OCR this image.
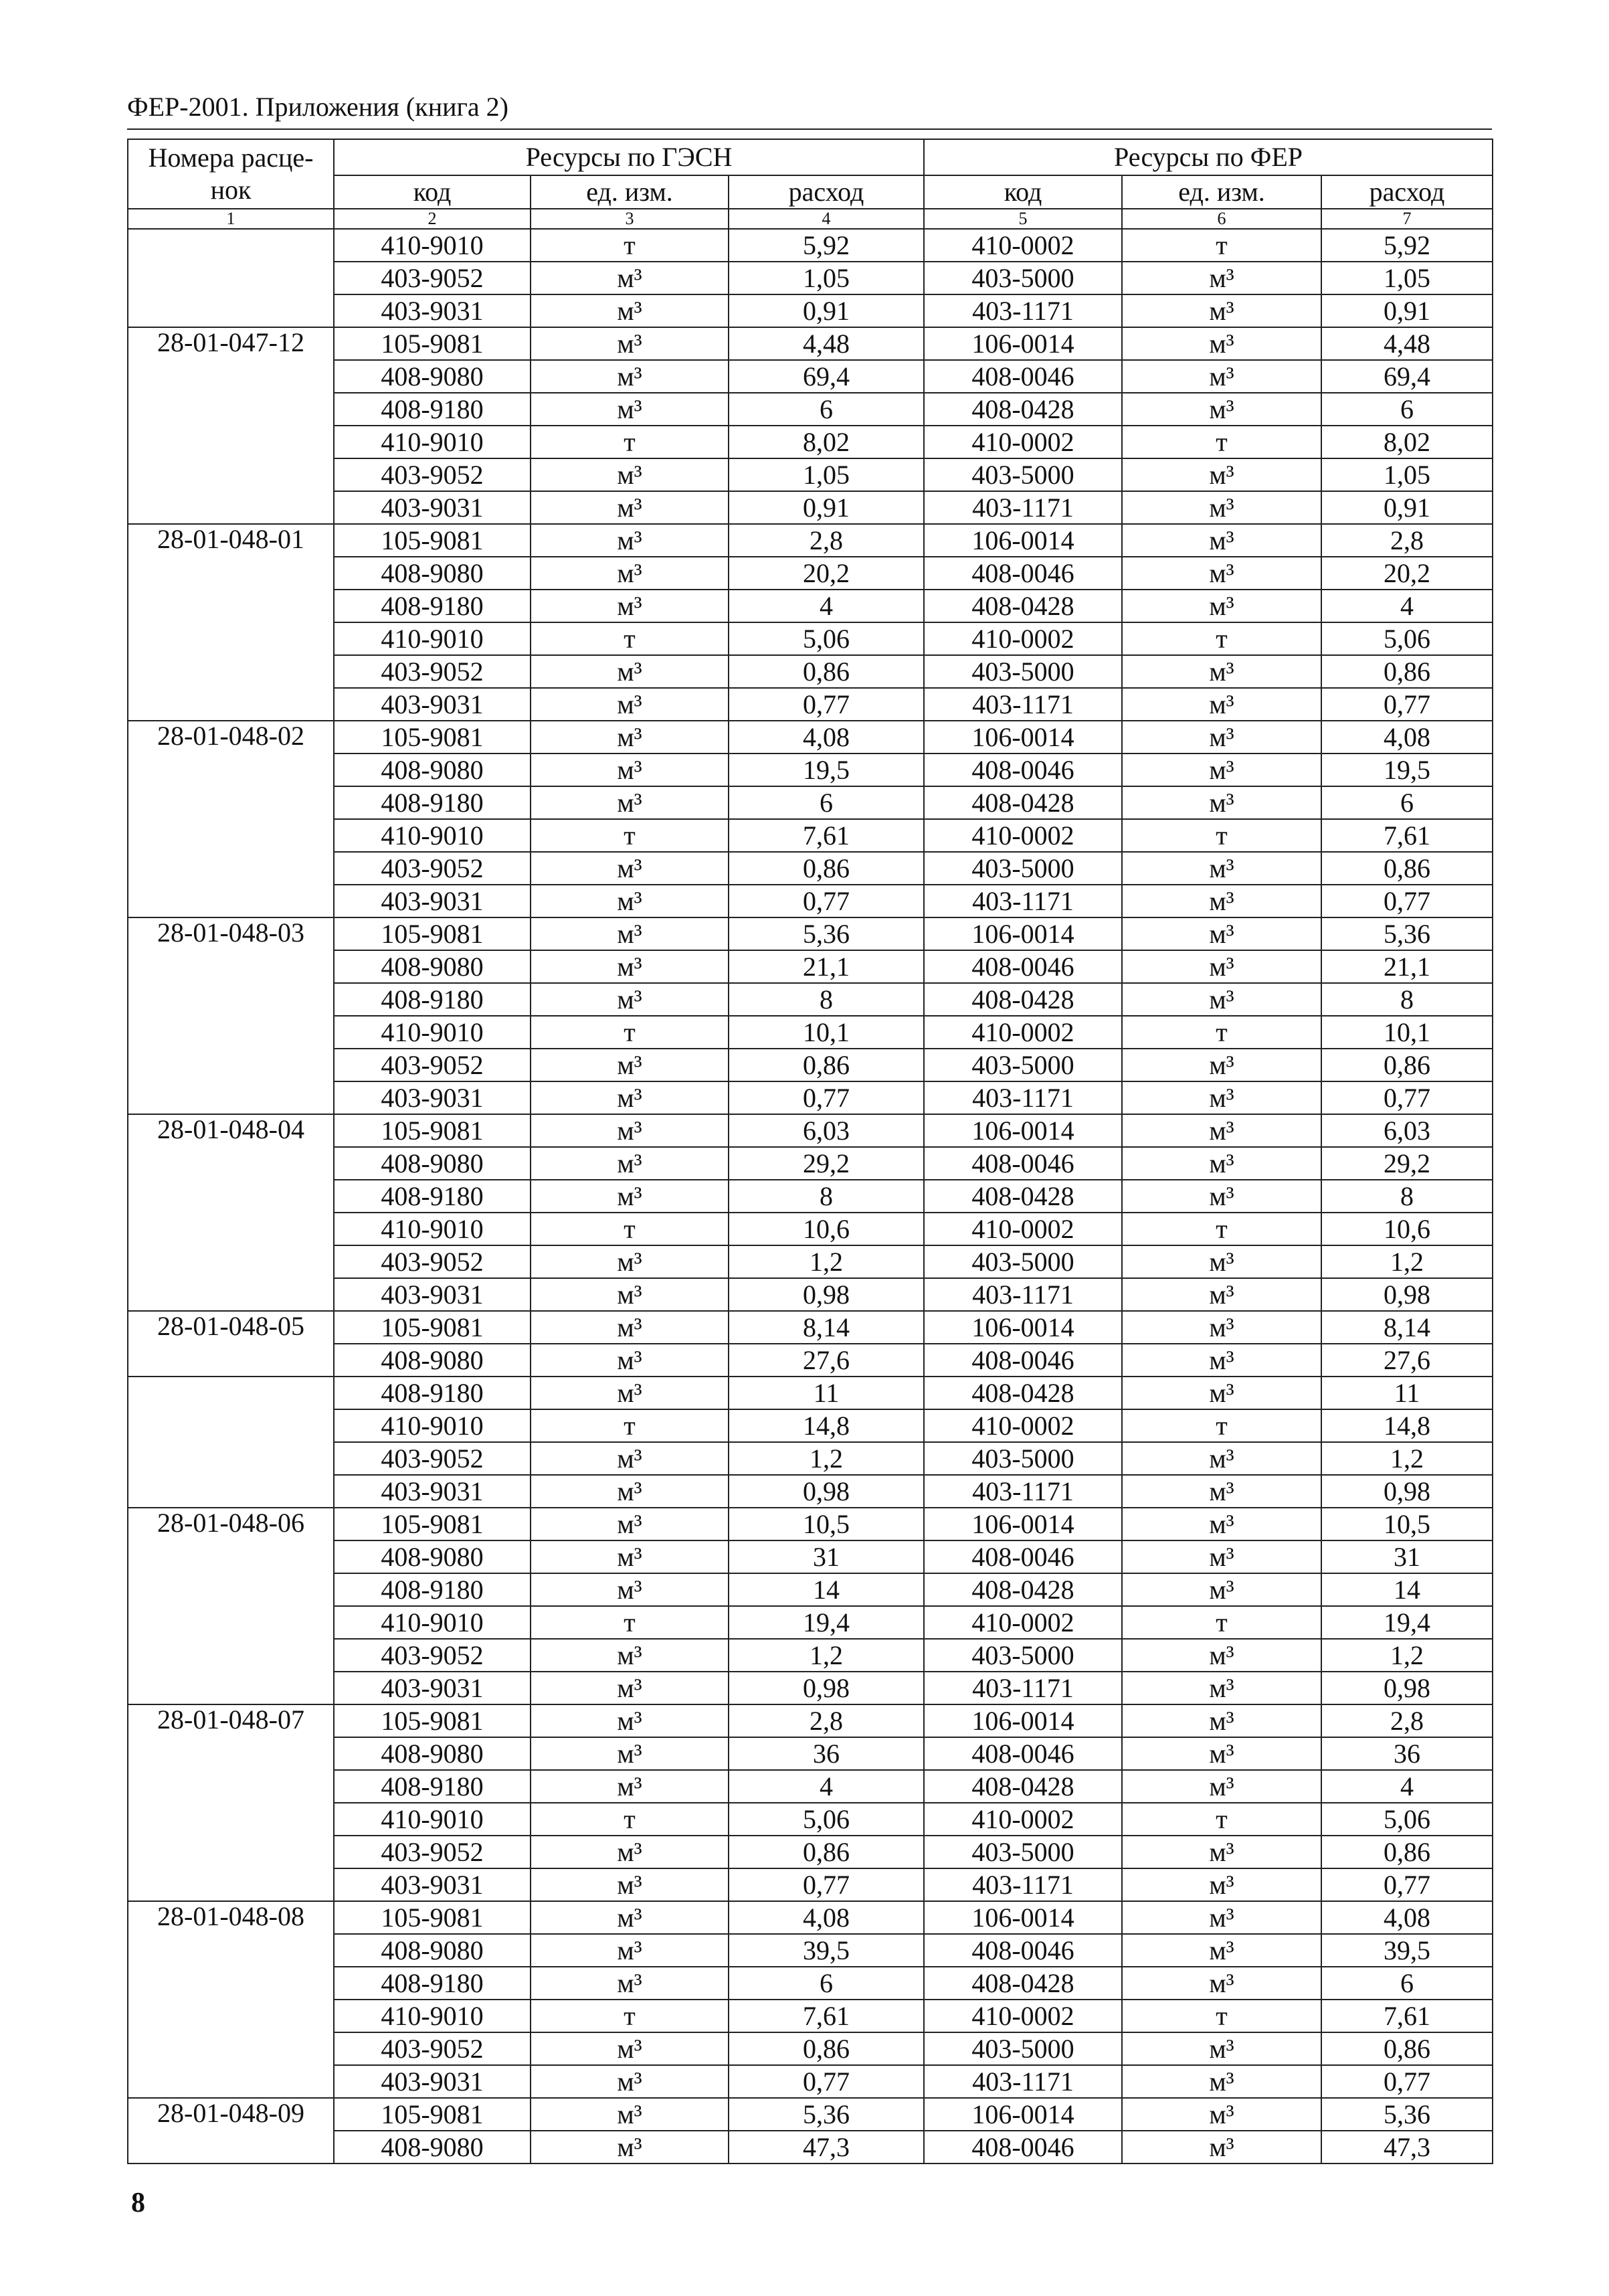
ФЕР-2001. Приложения (книга 2)
Номера расце-нок	Ресурсы по ГЭСН			Ресурсы по ФЕР		
	код	ед. изм.	расход	код	ед. изм.	расход
1	2	3	4	5	6	7
	410-9010	т	5,92	410-0002	т	5,92
	403-9052	м³	1,05	403-5000	м³	1,05
	403-9031	м³	0,91	403-1171	м³	0,91
28-01-047-12	105-9081	м³	4,48	106-0014	м³	4,48
	408-9080	м³	69,4	408-0046	м³	69,4
	408-9180	м³	6	408-0428	м³	6
	410-9010	т	8,02	410-0002	т	8,02
	403-9052	м³	1,05	403-5000	м³	1,05
	403-9031	м³	0,91	403-1171	м³	0,91
28-01-048-01	105-9081	м³	2,8	106-0014	м³	2,8
	408-9080	м³	20,2	408-0046	м³	20,2
	408-9180	м³	4	408-0428	м³	4
	410-9010	т	5,06	410-0002	т	5,06
	403-9052	м³	0,86	403-5000	м³	0,86
	403-9031	м³	0,77	403-1171	м³	0,77
28-01-048-02	105-9081	м³	4,08	106-0014	м³	4,08
	408-9080	м³	19,5	408-0046	м³	19,5
	408-9180	м³	6	408-0428	м³	6
	410-9010	т	7,61	410-0002	т	7,61
	403-9052	м³	0,86	403-5000	м³	0,86
	403-9031	м³	0,77	403-1171	м³	0,77
28-01-048-03	105-9081	м³	5,36	106-0014	м³	5,36
	408-9080	м³	21,1	408-0046	м³	21,1
	408-9180	м³	8	408-0428	м³	8
	410-9010	т	10,1	410-0002	т	10,1
	403-9052	м³	0,86	403-5000	м³	0,86
	403-9031	м³	0,77	403-1171	м³	0,77
28-01-048-04	105-9081	м³	6,03	106-0014	м³	6,03
	408-9080	м³	29,2	408-0046	м³	29,2
	408-9180	м³	8	408-0428	м³	8
	410-9010	т	10,6	410-0002	т	10,6
	403-9052	м³	1,2	403-5000	м³	1,2
	403-9031	м³	0,98	403-1171	м³	0,98
28-01-048-05	105-9081	м³	8,14	106-0014	м³	8,14
	408-9080	м³	27,6	408-0046	м³	27,6
	408-9180	м³	11	408-0428	м³	11
	410-9010	т	14,8	410-0002	т	14,8
	403-9052	м³	1,2	403-5000	м³	1,2
	403-9031	м³	0,98	403-1171	м³	0,98
28-01-048-06	105-9081	м³	10,5	106-0014	м³	10,5
	408-9080	м³	31	408-0046	м³	31
	408-9180	м³	14	408-0428	м³	14
	410-9010	т	19,4	410-0002	т	19,4
	403-9052	м³	1,2	403-5000	м³	1,2
	403-9031	м³	0,98	403-1171	м³	0,98
28-01-048-07	105-9081	м³	2,8	106-0014	м³	2,8
	408-9080	м³	36	408-0046	м³	36
	408-9180	м³	4	408-0428	м³	4
	410-9010	т	5,06	410-0002	т	5,06
	403-9052	м³	0,86	403-5000	м³	0,86
	403-9031	м³	0,77	403-1171	м³	0,77
28-01-048-08	105-9081	м³	4,08	106-0014	м³	4,08
	408-9080	м³	39,5	408-0046	м³	39,5
	408-9180	м³	6	408-0428	м³	6
	410-9010	т	7,61	410-0002	т	7,61
	403-9052	м³	0,86	403-5000	м³	0,86
	403-9031	м³	0,77	403-1171	м³	0,77
28-01-048-09	105-9081	м³	5,36	106-0014	м³	5,36
	408-9080	м³	47,3	408-0046	м³	47,3
8
